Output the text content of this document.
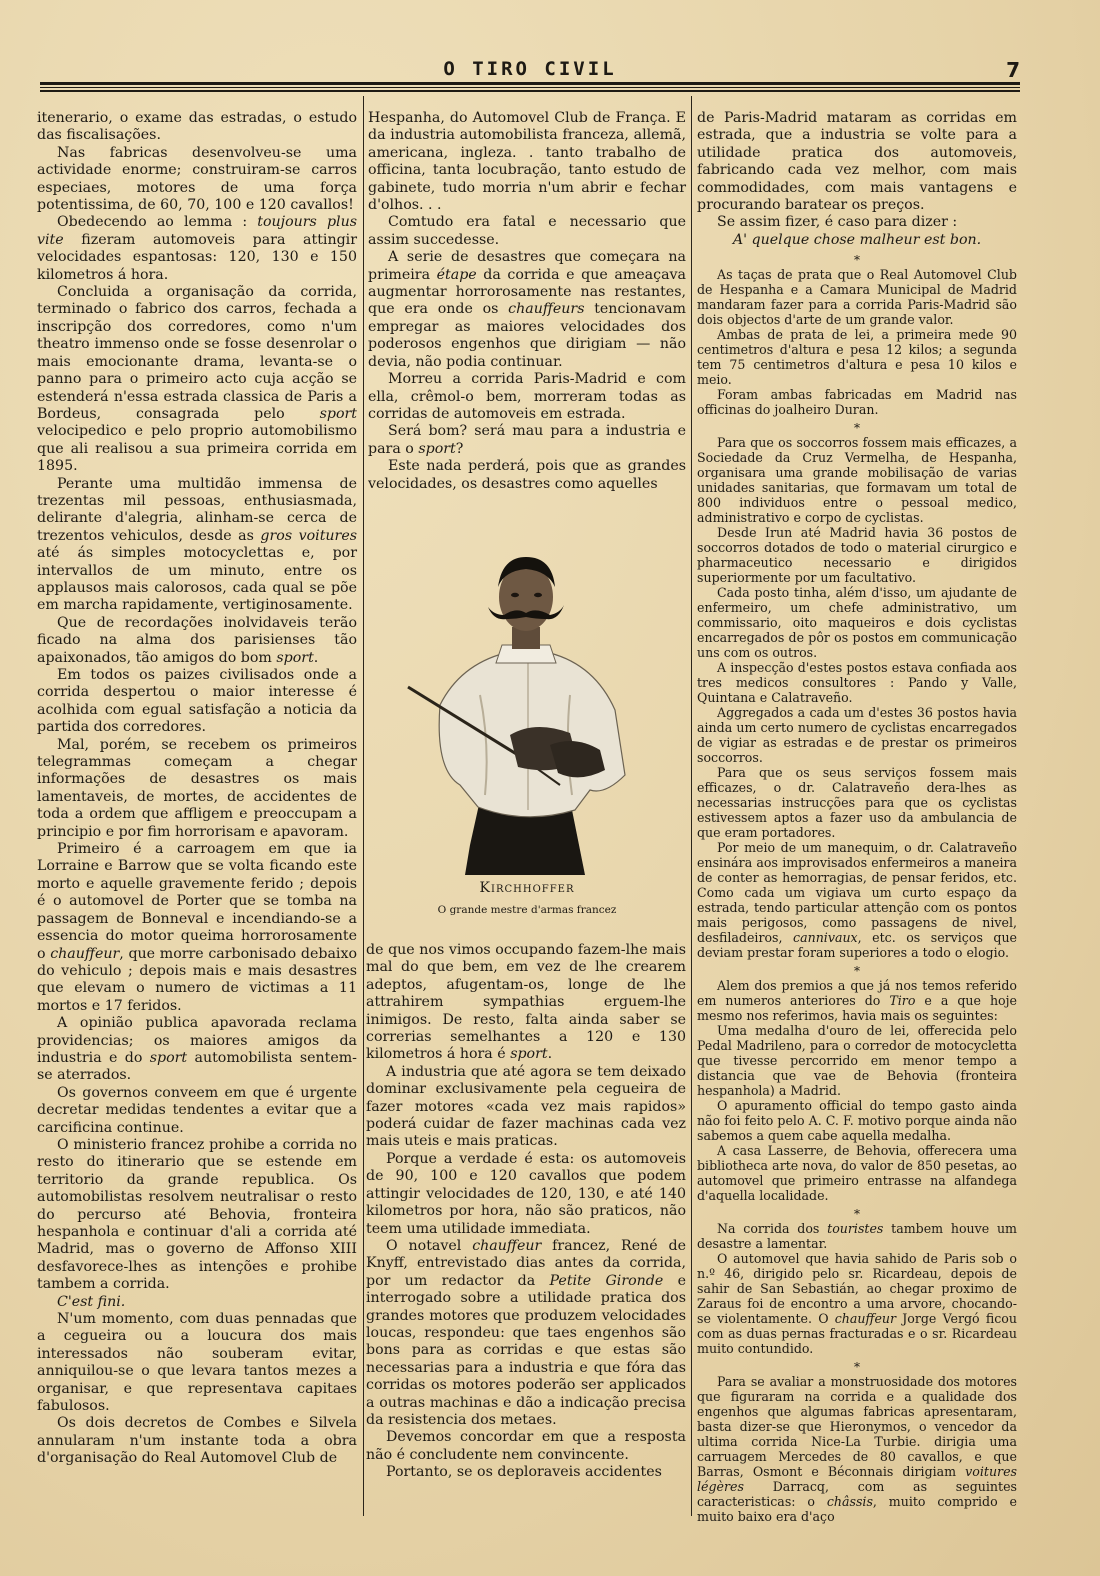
O TIRO CIVIL	7

itenerario, o exame das estradas, o estudo das fiscalisações.

Nas fabricas desenvolveu-se uma actividade enorme; construiram-se carros especiaes, motores de uma força potentissima, de 60, 70, 100 e 120 cavallos!

Obedecendo ao lemma : toujours plus vite fizeram automoveis para attingir velocidades espantosas: 120, 130 e 150 kilometros á hora.

Concluida a organisação da corrida, terminado o fabrico dos carros, fechada a inscripção dos corredores, como n'um theatro immenso onde se fosse desenrolar o mais emocionante drama, levanta-se o panno para o primeiro acto cuja acção se estenderá n'essa estrada classica de Paris a Bordeus, consagrada pelo sport velocipedico e pelo proprio automobilismo que ali realisou a sua primeira corrida em 1895.

Perante uma multidão immensa de trezentas mil pessoas, enthusiasmada, delirante d'alegria, alinham-se cerca de trezentos vehiculos, desde as gros voitures até ás simples motocyclettas e, por intervallos de um minuto, entre os applausos mais calorosos, cada qual se põe em marcha rapidamente, vertiginosamente.

Que de recordações inolvidaveis terão ficado na alma dos parisienses tão apaixonados, tão amigos do bom sport.

Em todos os paizes civilisados onde a corrida despertou o maior interesse é acolhida com egual satisfação a noticia da partida dos corredores.

Mal, porém, se recebem os primeiros telegrammas começam a chegar informações de desastres os mais lamentaveis, de mortes, de accidentes de toda a ordem que affligem e preoccupam a principio e por fim horrorisam e apavoram.

Primeiro é a carroagem em que ia Lorraine e Barrow que se volta ficando este morto e aquelle gravemente ferido ; depois é o automovel de Porter que se tomba na passagem de Bonneval e incendiando-se a essencia do motor queima horrorosamente o chauffeur, que morre carbonisado debaixo do vehiculo ; depois mais e mais desastres que elevam o numero de victimas a 11 mortos e 17 feridos.

A opinião publica apavorada reclama providencias; os maiores amigos da industria e do sport automobilista sentem-se aterrados.

Os governos conveem em que é urgente decretar medidas tendentes a evitar que a carcificina continue.

O ministerio francez prohibe a corrida no resto do itinerario que se estende em territorio da grande republica. Os automobilistas resolvem neutralisar o resto do percurso até Behovia, fronteira hespanhola e continuar d'ali a corrida até Madrid, mas o governo de Affonso XIII desfavorece-lhes as intenções e prohibe tambem a corrida.

C'est fini.

N'um momento, com duas pennadas que a cegueira ou a loucura dos mais interessados não souberam evitar, anniquilou-se o que levara tantos mezes a organisar, e que representava capitaes fabulosos.

Os dois decretos de Combes e Silvela annularam n'um instante toda a obra d'organisação do Real Automovel Club de

Hespanha, do Automovel Club de França. E da industria automobilista franceza, allemã, americana, ingleza. . tanto trabalho de officina, tanta locubração, tanto estudo de gabinete, tudo morria n'um abrir e fechar d'olhos. . .

Comtudo era fatal e necessario que assim succedesse.

A serie de desastres que começara na primeira étape da corrida e que ameaçava augmentar horrorosamente nas restantes, que era onde os chauffeurs tencionavam empregar as maiores velocidades dos poderosos engenhos que dirigiam — não devia, não podia continuar.

Morreu a corrida Paris-Madrid e com ella, crêmol-o bem, morreram todas as corridas de automoveis em estrada.

Será bom? será mau para a industria e para o sport?

Este nada perderá, pois que as grandes velocidades, os desastres como aquelles

Kirchhoffer
O grande mestre d'armas francez

de que nos vimos occupando fazem-lhe mais mal do que bem, em vez de lhe crearem adeptos, afugentam-os, longe de lhe attrahirem sympathias erguem-lhe inimigos. De resto, falta ainda saber se correrias semelhantes a 120 e 130 kilometros á hora é sport.

A industria que até agora se tem deixado dominar exclusivamente pela cegueira de fazer motores «cada vez mais rapidos» poderá cuidar de fazer machinas cada vez mais uteis e mais praticas.

Porque a verdade é esta: os automoveis de 90, 100 e 120 cavallos que podem attingir velocidades de 120, 130, e até 140 kilometros por hora, não são praticos, não teem uma utilidade immediata.

O notavel chauffeur francez, René de Knyff, entrevistado dias antes da corrida, por um redactor da Petite Gironde e interrogado sobre a utilidade pratica dos grandes motores que produzem velocidades loucas, respondeu: que taes engenhos são bons para as corridas e que estas são necessarias para a industria e que fóra das corridas os motores poderão ser applicados a outras machinas e dão a indicação precisa da resistencia dos metaes.

Devemos concordar em que a resposta não é concludente nem convincente.

Portanto, se os deploraveis accidentes

de Paris-Madrid mataram as corridas em estrada, que a industria se volte para a utilidade pratica dos automoveis, fabricando cada vez melhor, com mais commodidades, com mais vantagens e procurando baratear os preços.

Se assim fizer, é caso para dizer :

A' quelque chose malheur est bon.

*

As taças de prata que o Real Automovel Club de Hespanha e a Camara Municipal de Madrid mandaram fazer para a corrida Paris-Madrid são dois objectos d'arte de um grande valor.

Ambas de prata de lei, a primeira mede 90 centimetros d'altura e pesa 12 kilos; a segunda tem 75 centimetros d'altura e pesa 10 kilos e meio.

Foram ambas fabricadas em Madrid nas officinas do joalheiro Duran.

*

Para que os soccorros fossem mais efficazes, a Sociedade da Cruz Vermelha, de Hespanha, organisara uma grande mobilisação de varias unidades sanitarias, que formavam um total de 800 individuos entre o pessoal medico, administrativo e corpo de cyclistas.

Desde Irun até Madrid havia 36 postos de soccorros dotados de todo o material cirurgico e pharmaceutico necessario e dirigidos superiormente por um facultativo.

Cada posto tinha, além d'isso, um ajudante de enfermeiro, um chefe administrativo, um commissario, oito maqueiros e dois cyclistas encarregados de pôr os postos em communicação uns com os outros.

A inspecção d'estes postos estava confiada aos tres medicos consultores : Pando y Valle, Quintana e Calatraveño.

Aggregados a cada um d'estes 36 postos havia ainda um certo numero de cyclistas encarregados de vigiar as estradas e de prestar os primeiros soccorros.

Para que os seus serviços fossem mais efficazes, o dr. Calatraveño dera-lhes as necessarias instrucções para que os cyclistas estivessem aptos a fazer uso da ambulancia de que eram portadores.

Por meio de um manequim, o dr. Calatraveño ensinára aos improvisados enfermeiros a maneira de conter as hemorragias, de pensar feridos, etc. Como cada um vigiava um curto espaço da estrada, tendo particular attenção com os pontos mais perigosos, como passagens de nivel, desfiladeiros, cannivaux, etc. os serviços que deviam prestar foram superiores a todo o elogio.

*

Alem dos premios a que já nos temos referido em numeros anteriores do Tiro e a que hoje mesmo nos referimos, havia mais os seguintes:

Uma medalha d'ouro de lei, offerecida pelo Pedal Madrileno, para o corredor de motocycletta que tivesse percorrido em menor tempo a distancia que vae de Behovia (fronteira hespanhola) a Madrid.

O apuramento official do tempo gasto ainda não foi feito pelo A. C. F. motivo porque ainda não sabemos a quem cabe aquella medalha.

A casa Lasserre, de Behovia, offerecera uma bibliotheca arte nova, do valor de 850 pesetas, ao automovel que primeiro entrasse na alfandega d'aquella localidade.

*

Na corrida dos touristes tambem houve um desastre a lamentar.

O automovel que havia sahido de Paris sob o n.º 46, dirigido pelo sr. Ricardeau, depois de sahir de San Sebastián, ao chegar proximo de Zaraus foi de encontro a uma arvore, chocando-se violentamente. O chauffeur Jorge Vergó ficou com as duas pernas fracturadas e o sr. Ricardeau muito contundido.

*

Para se avaliar a monstruosidade dos motores que figuraram na corrida e a qualidade dos engenhos que algumas fabricas apresentaram, basta dizer-se que Hieronymos, o vencedor da ultima corrida Nice-La Turbie. dirigia uma carruagem Mercedes de 80 cavallos, e que Barras, Osmont e Béconnais dirigiam voitures légères Darracq, com as seguintes caracteristicas: o châssis, muito comprido e muito baixo era d'aço
